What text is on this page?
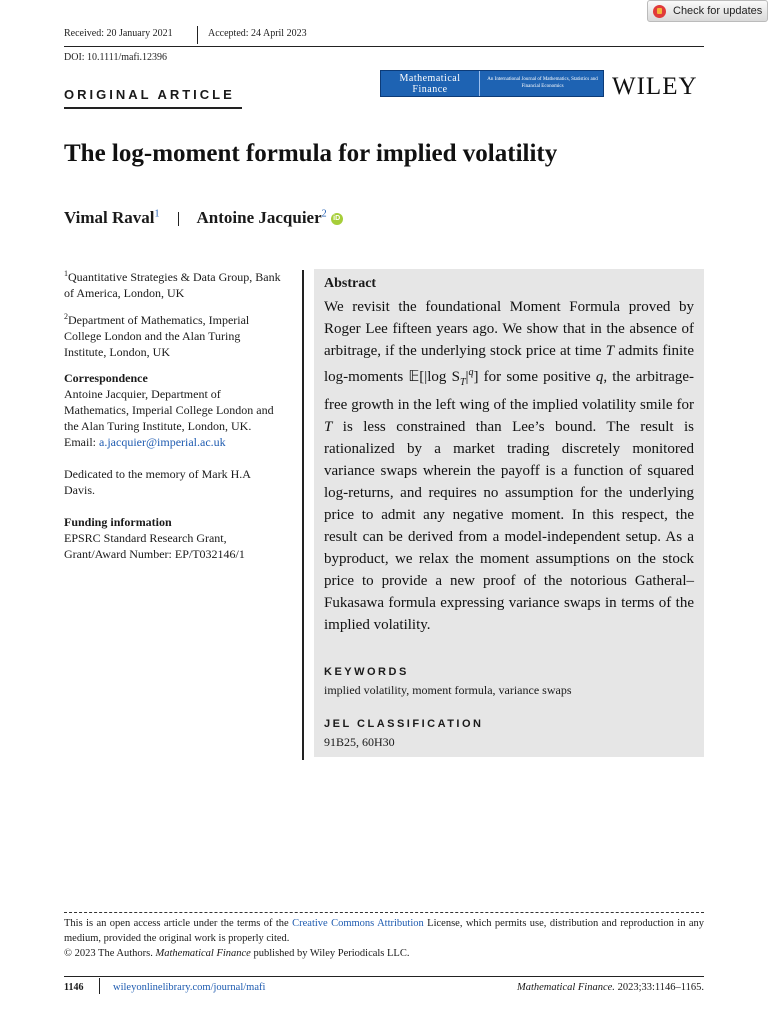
Check for updates
Received: 20 January 2021	Accepted: 24 April 2023
DOI: 10.1111/mafi.12396
ORIGINAL ARTICLE
Mathematical Finance
An International Journal of Mathematics, Statistics and Financial Economics	WILEY
The log-moment formula for implied volatility
Vimal Raval$^1$ Antoine Jacquier$^2$ iD

$^1$Quantitative Strategies & Data Group, Bank of America, London, UK

$^2$Department of Mathematics, Imperial College London and the Alan Turing Institute, London, UK

Correspondence

Antoine Jacquier, Department of Mathematics, Imperial College London and the Alan Turing Institute, London, UK.

Email: a.jacquier@imperial.ac.uk

Dedicated to the memory of Mark H.A Davis.

Funding information

EPSRC Standard Research Grant, Grant/Award Number: EP/T032146/1

Abstract
We revisit the foundational Moment Formula proved by Roger Lee fifteen years ago. We show that in the absence of arbitrage, if the underlying stock price at time T admits finite log-moments 𝔼[|log $S_T|^q$] for some positive q, the arbitrage-free growth in the left wing of the implied volatility smile for T is less constrained than Lee’s bound. The result is rationalized by a market trading discretely monitored variance swaps wherein the payoff is a function of squared log-returns, and requires no assumption for the underlying price to admit any negative moment. In this respect, the result can be derived from a model-independent setup. As a byproduct, we relax the moment assumptions on the stock price to provide a new proof of the notorious Gatheral–Fukasawa formula expressing variance swaps in terms of the implied volatility.
KEYWORDS
implied volatility, moment formula, variance swaps
JEL CLASSIFICATION
91B25, 60H30

This is an open access article under the terms of the Creative Commons Attribution License, which permits use, distribution and reproduction in any medium, provided the original work is properly cited.

© 2023 The Authors. Mathematical Finance published by Wiley Periodicals LLC.

1146	wileyonlinelibrary.com/journal/mafi	Mathematical Finance. 2023;33:1146–1165.
